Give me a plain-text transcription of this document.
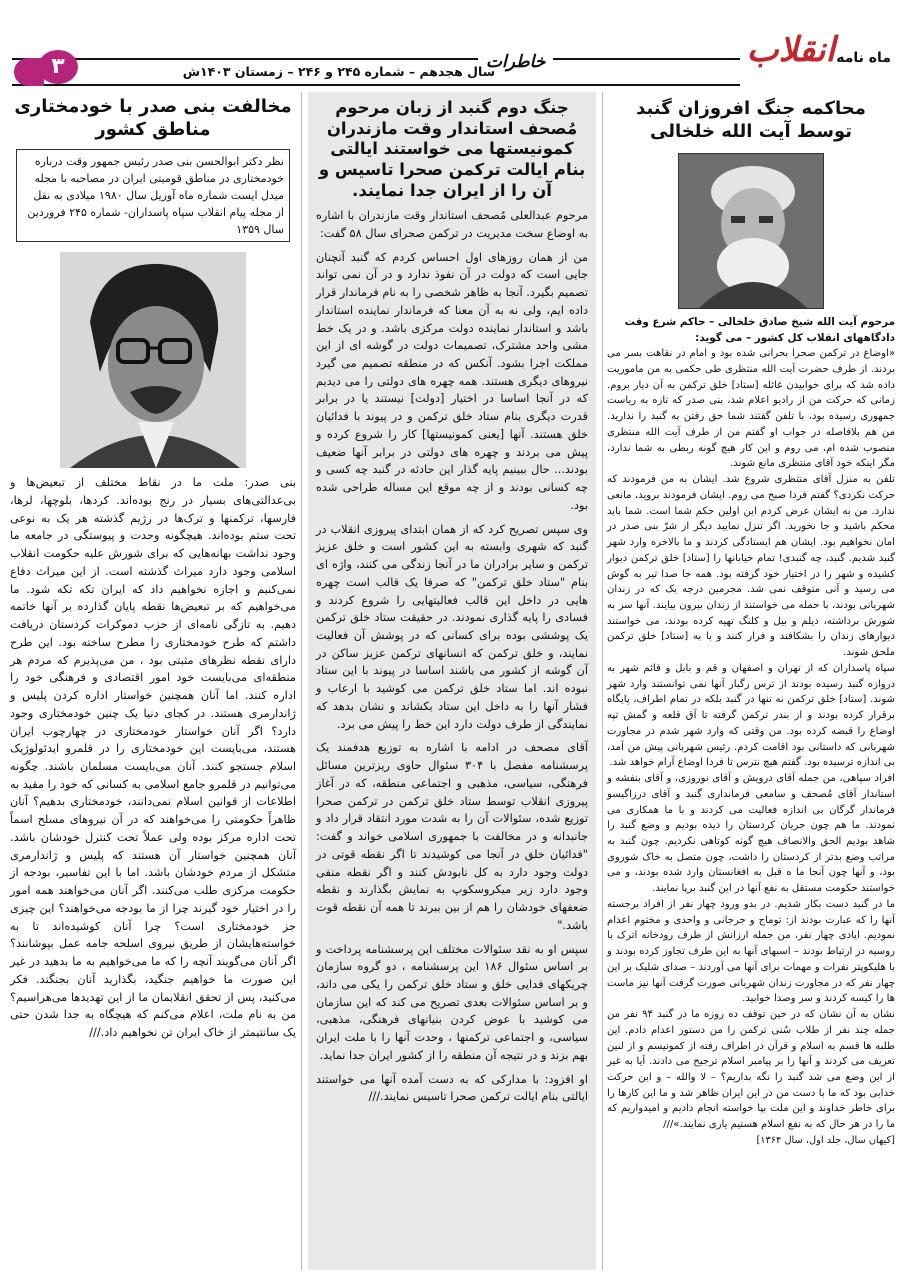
ماه نامه
انقلاب
خاطرات
سال هجدهم – شماره ۲۴۵ و ۲۴۶ – زمستان ۱۴۰۳ش
۳
محاکمه جنگ افروزان گنبد توسط آیت الله خلخالی

مرحوم آیت الله شیخ صادق خلخالی – حاکم شرع وقت دادگاههای انقلاب کل کشور – می گوید:

«اوضاع در ترکمن صحرا بحرانی شده بود و امام در نقاهت بسر می بردند. از طرف حضرت آیت الله منتظری طی حکمی به من ماموریت داده شد که برای خوابیدن غائله [ستاد] خلق ترکمن به آن دیار بروم. زمانی که حرکت من از رادیو اعلام شد، بنی صدر که تازه به ریاست جمهوری رسیده بود، با تلفن گفتند شما حق رفتن به گنبد را ندارید. من هم بلافاصله در جواب او گفتم من از طرف آیت الله منتظری منصوب شده ام، می روم و این کار هیچ گونه ربطی به شما ندارد، مگر اینکه خود آقای منتظری مانع شوند.

تلفن به منزل آقای منتظری شروع شد. ایشان به من فرمودند که حرکت نکردی؟ گفتم فردا صبح می روم. ایشان فرمودند بروید، مانعی ندارد. من به ایشان عرض کردم این اولین حکم شما است. شما باید محکم باشید و جا نخورید. اگر تنزل نمایید دیگر از شرّ بنی صدر در امان نخواهیم بود. ایشان هم ایستادگی کردند و ما بالاخره وارد شهر گنبد شدیم. گنبد، چه گنبدی! تمام خیابانها را [ستاد] خلق ترکمن دیوار کشیده و شهر را در اختیار خود گرفته بود. همه جا صدا تیر به گوش می رسید و آنی متوقف نمی شد. مجرمین درجه یک که در زندان شهربانی بودند، با حمله می خواستند از زندان بیرون بیایند. آنها سر به شورش برداشته، دیلم و بیل و کلنگ تهیه کرده بودند، می خواستند دیوارهای زندان را بشکافند و فرار کنند و با به [ستاد] خلق ترکمن ملحق شوند.

سپاه پاسداران که از تهران و اصفهان و قم و بابل و قائم شهر به دروازه گنبد رسیده بودند از ترس رگبار آنها نمی توانستند وارد شهر شوند. [ستاد] خلق ترکمن نه تنها در گنبد بلکه در تمام اطراف، پایگاه برقرار کرده بودند و از بندر ترکمن گرفته تا آق قلعه و گمش تپه اوضاع را قبضه کرده بود. من وقتی که وارد شهر شدم در مجاورت شهربانی که داستانی بود اقامت کردم. رئیس شهربانی پیش من آمد، بی اندازه ترسیده بود. گفتم هیچ نترس تا فردا اوضاع آرام خواهد شد.

افراد سپاهی، من جمله آقای درویش و آقای نوروزی، و آقای بنفشه و استاندار آقای مُصحف و سامعی فرمانداری گنبد و آقای درزاگیسو فرماندار گرگان بی اندازه فعالیت می کردند و با ما همکاری می نمودند. ما هم چون جریان کردستان را دیده بودیم و وضع گنبد را شاهد بودیم الحق والانصاف هیچ گونه کوتاهی نکردیم. چون گنبد به مراتب وضع بدتر از کردستان را داشت، چون متصل به خاک شوروی بود، و آنها چون آنجا ما ه قبل به افغانستان وارد شده بودند، و می خواستند حکومت مستقل به نفع آنها در این گنبد برپا نمایند.

ما در گنبد دست بکار شدیم. در بدو ورود چهار نفر از افراد برجسته آنها را که عبارت بودند از: توماج و جرجانی و واحدی و مختوم اعدام نمودیم. ایادی چهار نفر، من جمله ارزانش از طرف رودخانه اترک با روسیه در ارتباط بودند – اسبهای آنها به این طرف تجاوز کرده بودند و با هلیکوپتر نفرات و مهمات برای آنها می آوردند – صدای شلیک بر این چهار نفر که در مجاورت زندان شهربانی صورت گرفت آنها نیز ماست ها را کیسه کردند و سر وصدا خوابید.

نشان به آن نشان که در حین توقف ده روزه ما در گنبد ۹۴ نفر من جمله چند نفر از طلاب سُنی ترکمن را من دستور اعدام دادم. این طلبه ها قسم به اسلام و قرآن در اطراف رفته از کمونیسم و از لنین تعریف می کردند و آنها را بر پیامبر اسلام ترجیح می دادند. آیا به غیر از این وضع می شد گنبد را نگه بداریم؟ – لا والله – و این حرکت خدایی بود که ما با دست من در این ایران ظاهر شد و ما این کارها را برای خاطر خداوند و این ملت بپا خواسته انجام دادیم و امیدواریم که ما را در هر حال که به نفع اسلام هستیم یاری نمایند.»///

[کیهان سال، جلد اول، سال ۱۳۶۴]

جنگ دوم گنبد از زبان مرحوم مُصحف استاندار وقت مازندران کمونیستها می خواستند ایالتی بنام ایالت ترکمن صحرا تاسیس و آن را از ایران جدا نمایند.

مرحوم عبدالعلی مُصحف استاندار وقت مازندران با اشاره به اوضاع سخت مدیریت در ترکمن صحرای سال ۵۸ گفت:

من از همان روزهای اول احساس کردم که گنبد آنچنان جایی است که دولت در آن نفوذ ندارد و در آن نمی تواند تصمیم بگیرد. آنجا به ظاهر شخصی را به نام فرماندار قرار داده ایم، ولی نه به آن معنا که فرماندار نماینده استاندار باشد و استاندار نماینده دولت مرکزی باشد. و در یک خط مشی واحد مشترک، تصمیمات دولت در گوشه ای از این مملکت اجرا بشود. آنکس که در منطقه تصمیم می گیرد نیروهای دیگری هستند. همه چهره های دولتی را می دیدیم که در آنجا اساسا در اختیار [دولت] نیستند یا در برابر قدرت دیگری بنام ستاد خلق ترکمن و در پیوند با فدائیان خلق هستند. آنها [یعنی کمونیستها] کار را شروع کرده و پیش می بردند و چهره های دولتی در برابر آنها ضعیف بودند... حال ببینیم پایه گذار این حادثه در گنبد چه کسی و چه کسانی بودند و از چه موقع این مساله طراحی شده بود.

وی سپس تصریح کرد که از همان ابتدای پیروزی انقلاب در گنبد که شهری وابسته به این کشور است و خلق عزیز ترکمن و سایر برادران ما در آنجا زندگی می کنند، واژه ای بنام "ستاد خلق ترکمن" که صرفا یک قالب است چهره هایی در داخل این قالب فعالیتهایی را شروع کردند و فسادی را پایه گذاری نمودند. در حقیقت ستاد خلق ترکمن یک پوششی بوده برای کسانی که در پوشش آن فعالیت نمایند، و خلق ترکمن که انسانهای ترکمن عزیز ساکن در آن گوشه از کشور می باشند اساسا در پیوند با این ستاد نبوده اند. اما ستاد خلق ترکمن می کوشید با ارعاب و فشار آنها را به داخل این ستاد بکشاند و نشان بدهد که نمایندگی از طرف دولت دارد این خط را پیش می برد.

آقای مصحف در ادامه با اشاره به توزیع هدفمند یک پرسشنامه مفصل با ۳۰۴ سئوال حاوی ریزترین مسائل فرهنگی، سیاسی، مذهبی و اجتماعی منطقه، که در آغاز پیروزی انقلاب توسط ستاد خلق ترکمن در ترکمن صحرا توزیع شده، سئوالات آن را به شدت مورد انتقاد قرار داد و جانبدانه و در مخالفت با جمهوری اسلامی خواند و گفت: "فدائیان خلق در آنجا می کوشیدند تا اگر نقطه قوتی در دولت وجود دارد به کل نابودش کنند و اگر نقطه منفی وجود دارد زیر میکروسکوپ به نمایش بگذارند و نقطه ضعفهای خودشان را هم از بین ببرند تا همه آن نقطه قوت باشد."

سپس او به نقد سئوالات مختلف این پرسشنامه پرداخت و بر اساس سئوال ۱۸۶ این پرسشنامه ، دو گروه سازمان چریکهای فدایی خلق و ستاد خلق ترکمن را یکی می داند، و بر اساس سئوالات بعدی تصریح می کند که این سازمان می کوشید با عوض کردن بنیانهای فرهنگی، مذهبی، سیاسی، و اجتماعی ترکمنها ، وحدت آنها را با ملت ایران بهم بزند و در نتیجه آن منطقه را از کشور ایران جدا نماید.

او افزود: با مدارکی که به دست آمده آنها می خواستند ایالتی بنام ایالت ترکمن صحرا تاسیس نمایند.///

مخالفت بنی صدر با خودمختاری مناطق کشور
نظر دکتر ابوالحسن بنی صدر رئیس جمهور وقت درباره خودمختاری در مناطق قومیتی ایران در مصاحبه با مجله میدل ایست شماره ماه آوریل سال ۱۹۸۰ میلادی به نقل از مجله پیام انقلاب سپاه پاسداران- شماره ۲۴۵ فروردین سال ۱۳۵۹

بنی صدر: ملت ما در نقاط مختلف از تبعیض‌ها و بی‌عدالتی‌های بسیار در رنج بوده‌اند. کردها، بلوچها، لرها، فارسها، ترکمنها و ترک‌ها در رژیم گذشته هر یک به نوعی تحت ستم بوده‌اند. هیچگونه وحدت و پیوستگی در جامعه ما وجود نداشت بهانه‌هایی که برای شورش علیه حکومت انقلاب اسلامی وجود دارد میراث گذشته است. از این میراث دفاع نمی‌کنیم و اجازه نخواهیم داد که ایران تکه تکه شود. ما می‌خواهیم که بر تبعیض‌ها نقطه پایان گذارده بر آنها خاتمه دهیم. به تازگی نامه‌ای از حزب دموکرات کردستان دریافت داشتم که طرح خودمختاری را مطرح ساخته بود. این طرح دارای نقطه نظرهای مثبتی بود ، من می‌پذیرم که مردم هر منطقه‌ای می‌بایست خود امور اقتصادی و فرهنگی خود را اداره کنند. اما آنان همچنین خواستار اداره کردن پلیس و ژاندارمری هستند. در کجای دنیا یک چنین خودمختاری وجود دارد؟ اگر آنان خواستار خودمختاری در چهارچوب ایران هستند، می‌بایست این خودمختاری را در قلمرو ایدئولوژیک اسلام جستجو کنند. آنان می‌بایست مسلمان باشند. چگونه می‌توانیم در قلمرو جامع اسلامی به کسانی که خود را مقید به اطلاعات از قوانین اسلام نمی‌دانند، خودمختاری بدهیم؟ آنان ظاهراً حکومتی را می‌خواهند که در آن نیروهای مسلح اسماً تحت اداره مرکز بوده ولی عملاً تحت کنترل خودشان باشد. آنان همچنین خواستار آن هستند که پلیس و ژاندارمری متشکل از مردم خودشان باشد. اما با این تفاسیر، بودجه از حکومت مرکزی طلب می‌کنند. اگر آنان می‌خواهند همه امور را در اختیار خود گیرند چرا از ما بودجه می‌خواهند؟ این چیزی جز خودمختاری است؟ چرا آنان کوشیده‌اند تا به خواسته‌هایشان از طریق نیروی اسلحه جامه عمل بپوشانند؟ اگر آنان می‌گویند آنچه را که ما می‌خواهیم به ما بدهید در غیر این صورت ما خواهیم جنگید، بگذارید آنان بجنگند. فکر می‌کنید، پس از تحقق انقلابمان ما از این تهدیدها می‌هراسیم؟ من به نام ملت، اعلام می‌کنم که هیچگاه به جدا شدن حتی یک سانتیمتر از خاک ایران تن نخواهیم داد.///
